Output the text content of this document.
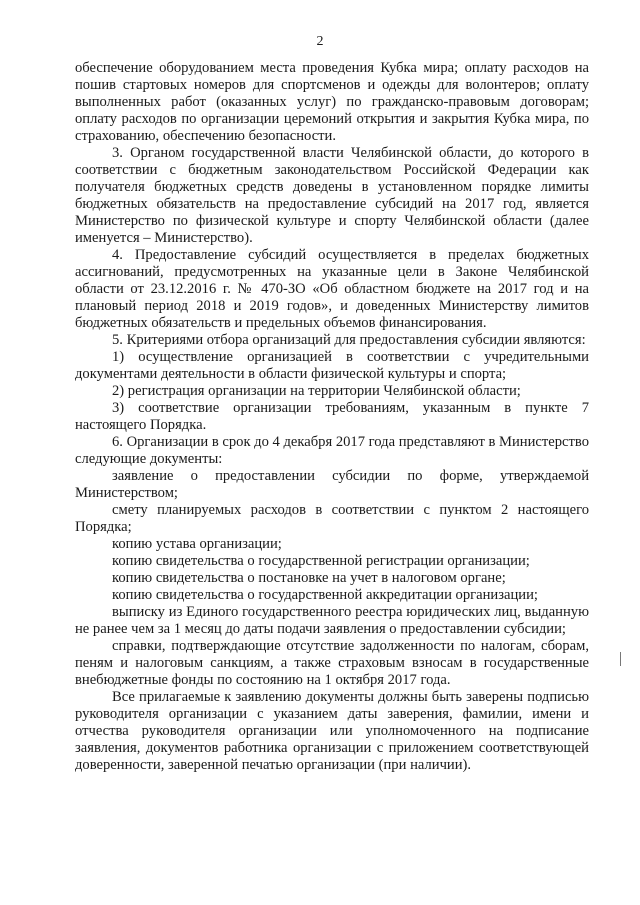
2

обеспечение оборудованием места проведения Кубка мира; оплату расходов на пошив стартовых номеров для спортсменов и одежды для волонтеров; оплату выполненных работ (оказанных услуг) по гражданско-правовым договорам; оплату расходов по организации церемоний открытия и закрытия Кубка мира, по страхованию, обеспечению безопасности.

3. Органом государственной власти Челябинской области, до которого в соответствии с бюджетным законодательством Российской Федерации как получателя бюджетных средств доведены в установленном порядке лимиты бюджетных обязательств на предоставление субсидий на 2017 год, является Министерство по физической культуре и спорту Челябинской области (далее именуется – Министерство).

4. Предоставление субсидий осуществляется в пределах бюджетных ассигнований, предусмотренных на указанные цели в Законе Челябинской области от 23.12.2016 г. № 470-ЗО «Об областном бюджете на 2017 год и на плановый период 2018 и 2019 годов», и доведенных Министерству лимитов бюджетных обязательств и предельных объемов финансирования.

5. Критериями отбора организаций для предоставления субсидии являются:

1) осуществление организацией в соответствии с учредительными документами деятельности в области физической культуры и спорта;

2) регистрация организации на территории Челябинской области;

3) соответствие организации требованиям, указанным в пункте 7 настоящего Порядка.

6. Организации в срок до 4 декабря 2017 года представляют в Министерство следующие документы:

заявление о предоставлении субсидии по форме, утверждаемой Министерством;

смету планируемых расходов в соответствии с пунктом 2 настоящего Порядка;

копию устава организации;

копию свидетельства о государственной регистрации организации;

копию свидетельства о постановке на учет в налоговом органе;

копию свидетельства о государственной аккредитации организации;

выписку из Единого государственного реестра юридических лиц, выданную не ранее чем за 1 месяц до даты подачи заявления о предоставлении субсидии;

справки, подтверждающие отсутствие задолженности по налогам, сборам, пеням и налоговым санкциям, а также страховым взносам в государственные внебюджетные фонды по состоянию на 1 октября 2017 года.

Все прилагаемые к заявлению документы должны быть заверены подписью руководителя организации с указанием даты заверения, фамилии, имени и отчества руководителя организации или уполномоченного на подписание заявления, документов работника организации с приложением соответствующей доверенности, заверенной печатью организации (при наличии).
